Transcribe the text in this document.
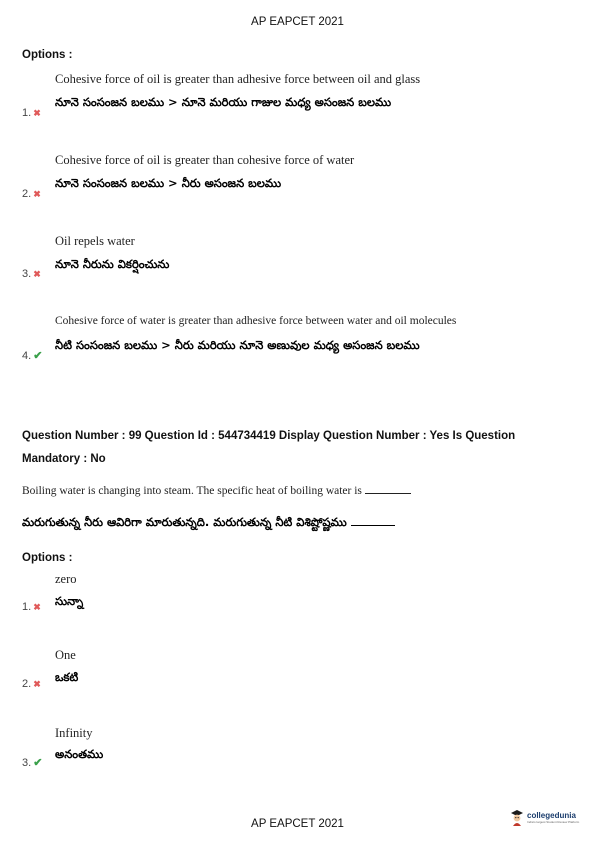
AP EAPCET 2021
Options :
Cohesive force of oil is greater than adhesive force between oil and glass
నూనె సంసంజన బలము > నూనె మరియు గాజుల మధ్య అసంజన బలము
1. ✖
Cohesive force of oil is greater than cohesive force of water
నూనె సంసంజన బలము > నీరు అసంజన బలము
2. ✖
Oil repels water
నూనె నీరును వికర్షించును
3. ✖
Cohesive force of water is greater than adhesive force between water and oil molecules
నీటి సంసంజన బలము > నీరు మరియు నూనె అణువుల మధ్య అసంజన బలము
4. ✔
Question Number : 99 Question Id : 544734419 Display Question Number : Yes Is Question
Mandatory : No
Boiling water is changing into steam. The specific heat of boiling water is
మరుగుతున్న నీరు ఆవిరిగా మారుతున్నది. మరుగుతున్న నీటి విశిష్టోష్ణము
Options :
zero
సున్నా
1. ✖
One
ఒకటి
2. ✖
Infinity
అనంతము
3. ✔
AP EAPCET 2021
collegedunia
India's largest Student Review Platform
